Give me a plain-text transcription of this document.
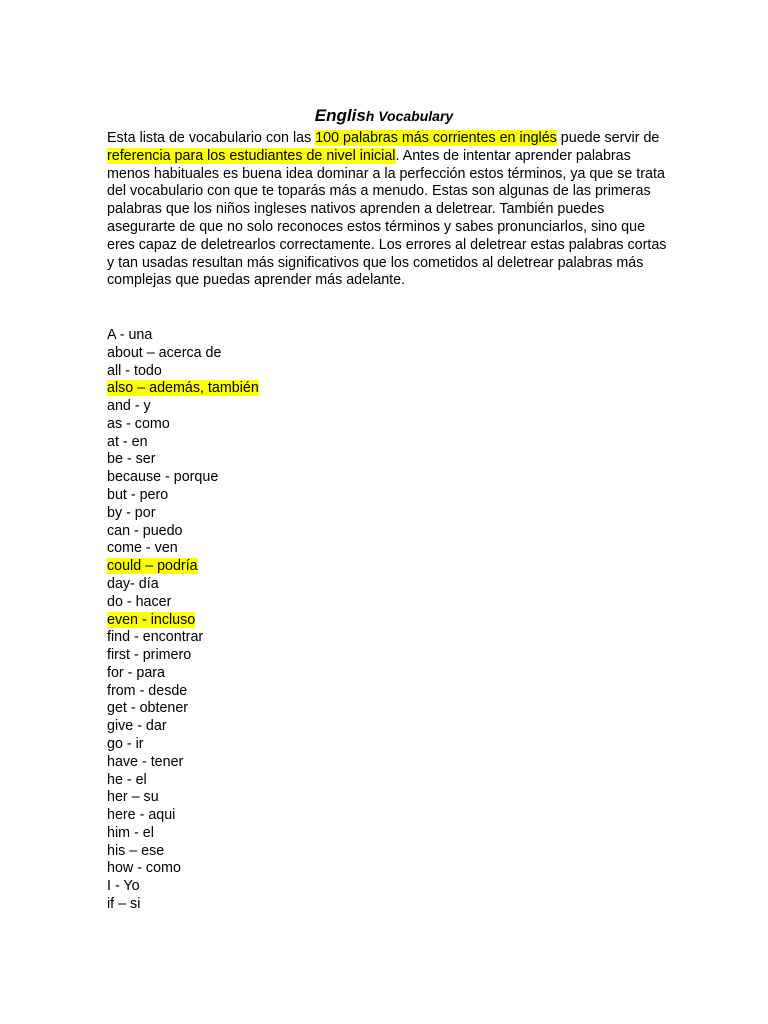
English Vocabulary

Esta lista de vocabulario con las 100 palabras más corrientes en inglés puede servir de referencia para los estudiantes de nivel inicial. Antes de intentar aprender palabras menos habituales es buena idea dominar a la perfección estos términos, ya que se trata del vocabulario con que te toparás más a menudo. Estas son algunas de las primeras palabras que los niños ingleses nativos aprenden a deletrear. También puedes asegurarte de que no solo reconoces estos términos y sabes pronunciarlos, sino que eres capaz de deletrearlos correctamente. Los errores al deletrear estas palabras cortas y tan usadas resultan más significativos que los cometidos al deletrear palabras más complejas que puedas aprender más adelante.

A - una
about – acerca de
all - todo
also – además, también
and - y
as - como
at - en
be - ser
because - porque
but - pero
by - por
can - puedo
come - ven
could – podría
day- día
do - hacer
even - incluso
find - encontrar
first - primero
for - para
from - desde
get - obtener
give - dar
go - ir
have - tener
he - el
her – su
here - aqui
him - el
his – ese
how - como
I - Yo
if – si
